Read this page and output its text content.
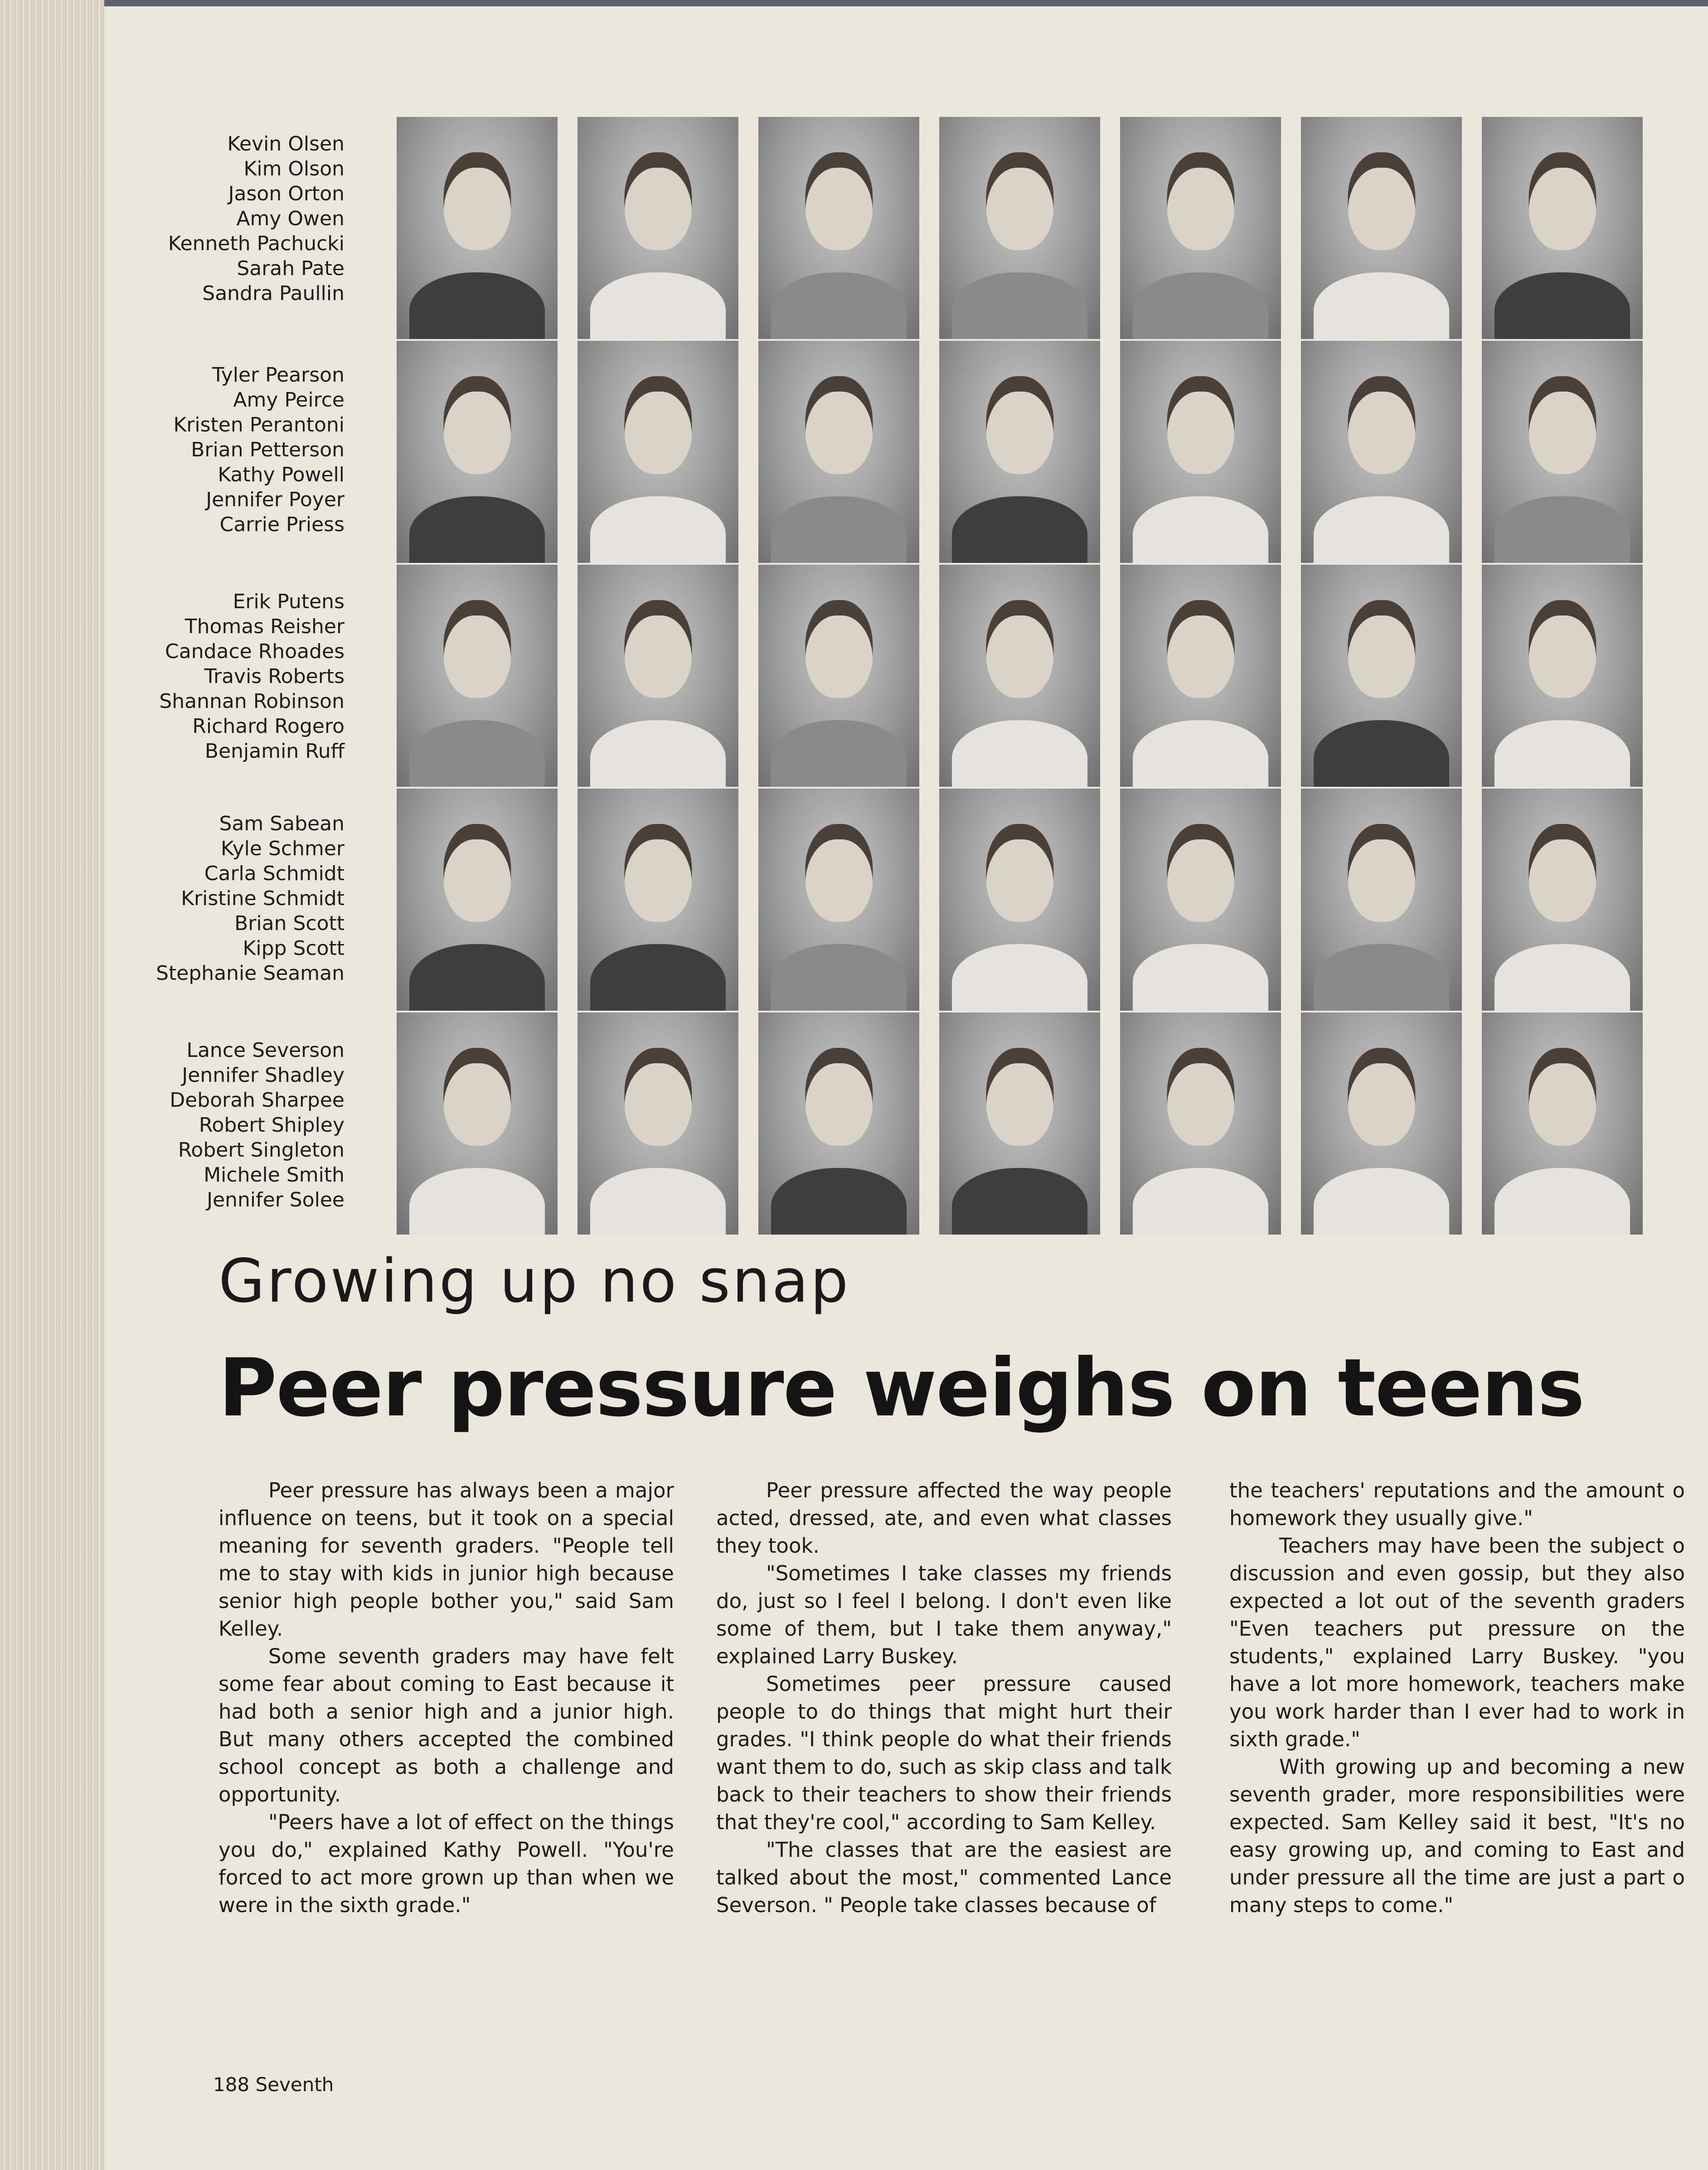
Kevin Olsen
Kim Olson
Jason Orton
Amy Owen
Kenneth Pachucki
Sarah Pate
Sandra Paullin
Tyler Pearson
Amy Peirce
Kristen Perantoni
Brian Petterson
Kathy Powell
Jennifer Poyer
Carrie Priess
Erik Putens
Thomas Reisher
Candace Rhoades
Travis Roberts
Shannan Robinson
Richard Rogero
Benjamin Ruff
Sam Sabean
Kyle Schmer
Carla Schmidt
Kristine Schmidt
Brian Scott
Kipp Scott
Stephanie Seaman
Lance Severson
Jennifer Shadley
Deborah Sharpee
Robert Shipley
Robert Singleton
Michele Smith
Jennifer Solee
Growing up no snap
Peer pressure weighs on teens

Peer pressure has always been a major influence on teens, but it took on a special meaning for seventh graders. "People tell me to stay with kids in junior high because senior high people bother you," said Sam Kelley.

Some seventh graders may have felt some fear about coming to East because it had both a senior high and a junior high. But many others accepted the combined school concept as both a challenge and opportunity.

"Peers have a lot of effect on the things you do," explained Kathy Powell. "You're forced to act more grown up than when we were in the sixth grade."

Peer pressure affected the way people acted, dressed, ate, and even what classes they took.

"Sometimes I take classes my friends do, just so I feel I belong. I don't even like some of them, but I take them anyway," explained Larry Buskey.

Sometimes peer pressure caused people to do things that might hurt their grades. "I think people do what their friends want them to do, such as skip class and talk back to their teachers to show their friends that they're cool," according to Sam Kelley.

"The classes that are the easiest are talked about the most," commented Lance Severson. " People take classes because of

the teachers' reputations and the amount o homework they usually give."

Teachers may have been the subject o discussion and even gossip, but they also expected a lot out of the seventh graders "Even teachers put pressure on the students," explained Larry Buskey. "you have a lot more homework, teachers make you work harder than I ever had to work in sixth grade."

With growing up and becoming a new seventh grader, more responsibilities were expected. Sam Kelley said it best, "It's no easy growing up, and coming to East and under pressure all the time are just a part o many steps to come."

188 Seventh
